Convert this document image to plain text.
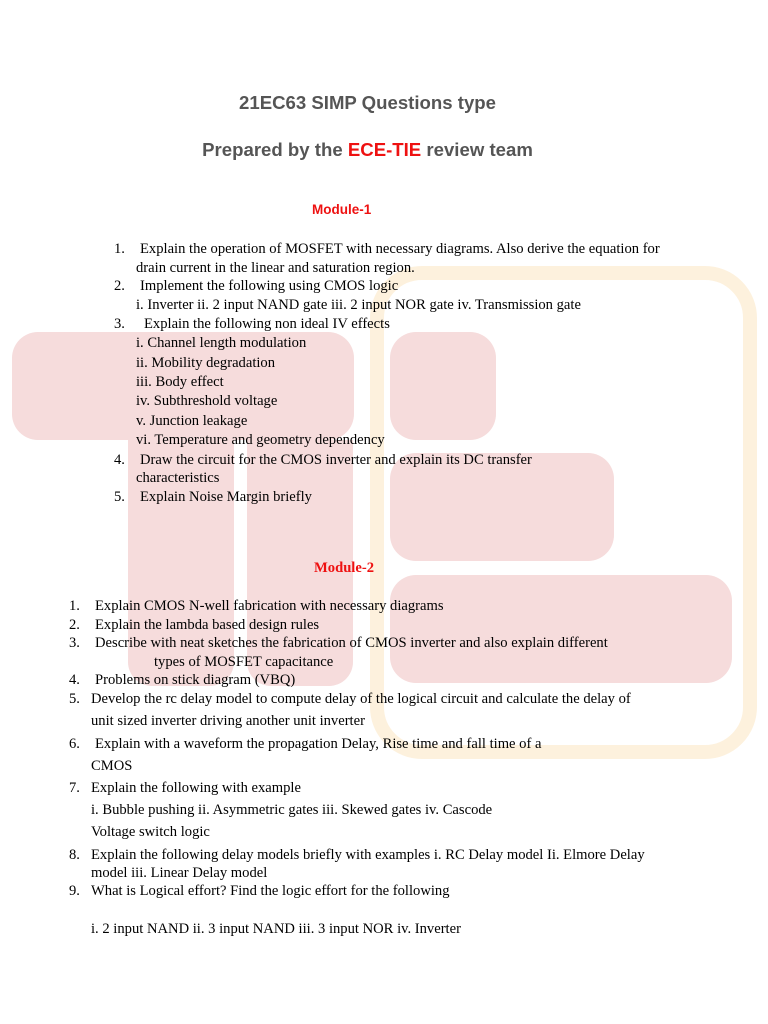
21EC63 SIMP Questions type
Prepared by the ECE-TIE review team
Module-1
1. Explain the operation of MOSFET with necessary diagrams. Also derive the equation for
drain current in the linear and saturation region.
2. Implement the following using CMOS logic
i. Inverter ii. 2 input NAND gate iii. 2 input NOR gate iv. Transmission gate
3. Explain the following non ideal IV effects
i. Channel length modulation
ii. Mobility degradation
iii. Body effect
iv. Subthreshold voltage
v. Junction leakage
vi. Temperature and geometry dependency
4. Draw the circuit for the CMOS inverter and explain its DC transfer
characteristics
5. Explain Noise Margin briefly
Module-2
1. Explain CMOS N-well fabrication with necessary diagrams
2. Explain the lambda based design rules
3. Describe with neat sketches the fabrication of CMOS inverter and also explain different
types of MOSFET capacitance
4. Problems on stick diagram (VBQ)
5. Develop the rc delay model to compute delay of the logical circuit and calculate the delay of
unit sized inverter driving another unit inverter
6. Explain with a waveform the propagation Delay, Rise time and fall time of a
CMOS
7. Explain the following with example
i. Bubble pushing ii. Asymmetric gates iii. Skewed gates iv. Cascode
Voltage switch logic
8. Explain the following delay models briefly with examples i. RC Delay model Ii. Elmore Delay
model iii. Linear Delay model
9. What is Logical effort? Find the logic effort for the following
i. 2 input NAND ii. 3 input NAND iii. 3 input NOR iv. Inverter
